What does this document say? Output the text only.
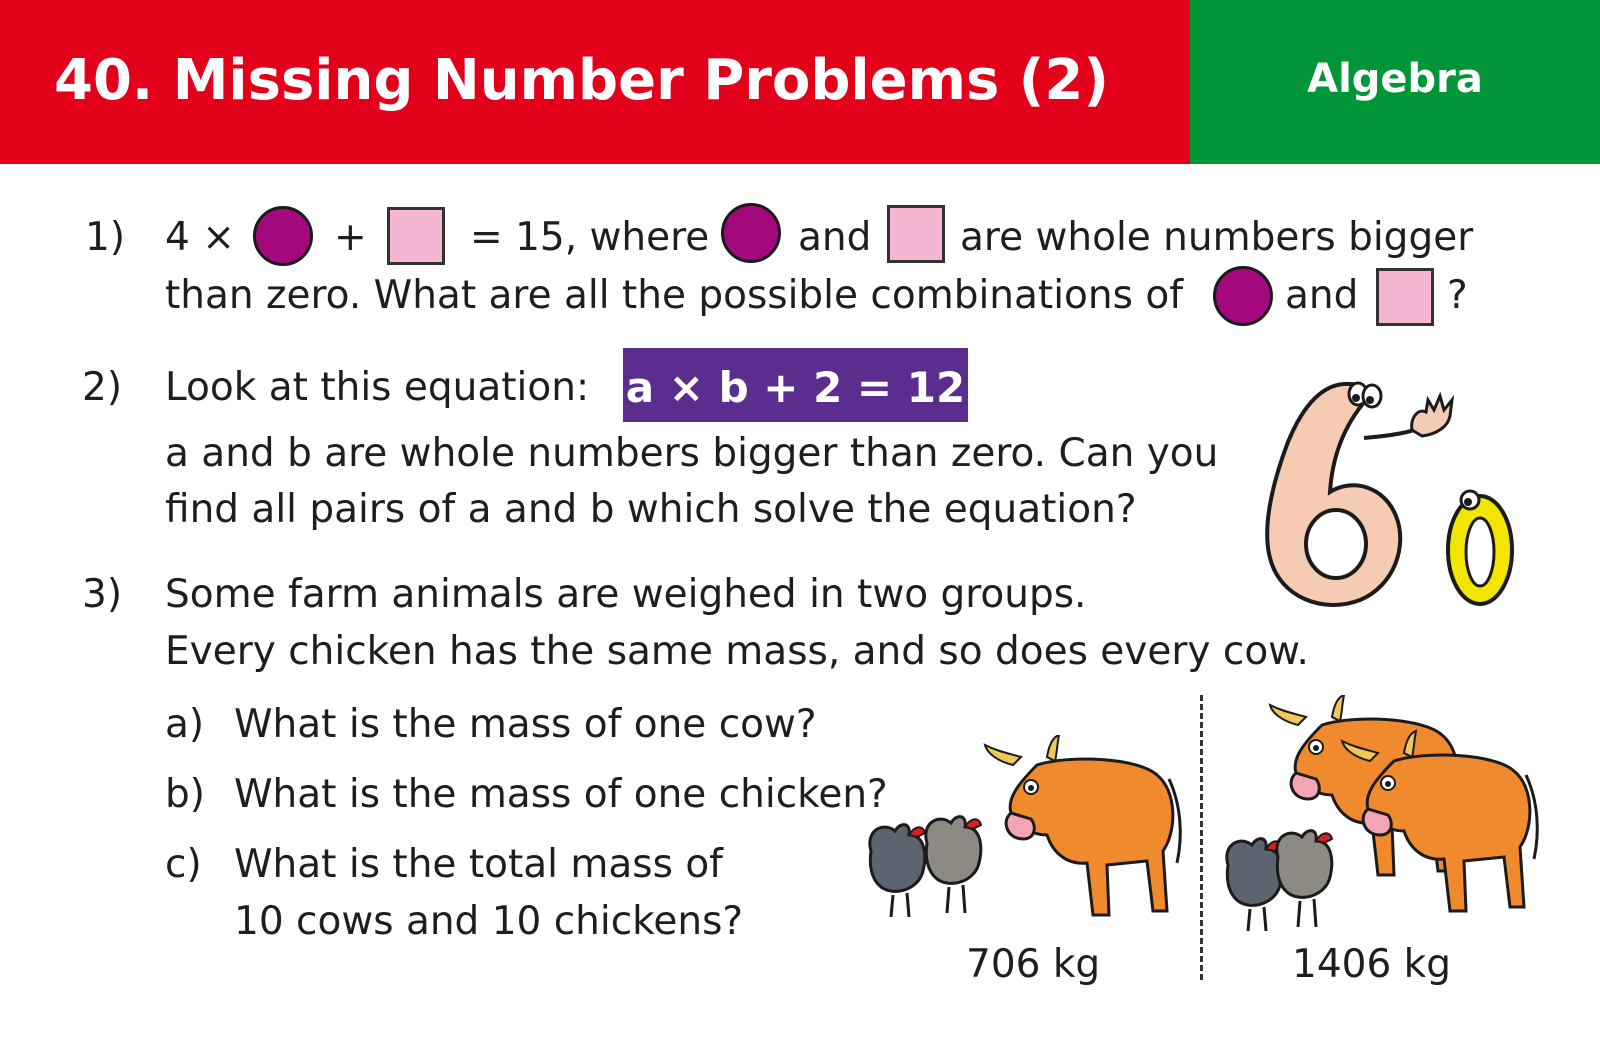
40. Missing Number Problems (2)	Algebra
1) 4 ×	+	= 15, where and are whole numbers bigger
than zero. What are all the possible combinations of	and ?
2) Look at this equation: a × b + 2 = 12
a and b are whole numbers bigger than zero. Can you
find all pairs of a and b which solve the equation?
3) Some farm animals are weighed in two groups.
Every chicken has the same mass, and so does every cow.
a) What is the mass of one cow?
b) What is the mass of one chicken?
c) What is the total mass of
10 cows and 10 chickens?
706 kg	1406 kg
